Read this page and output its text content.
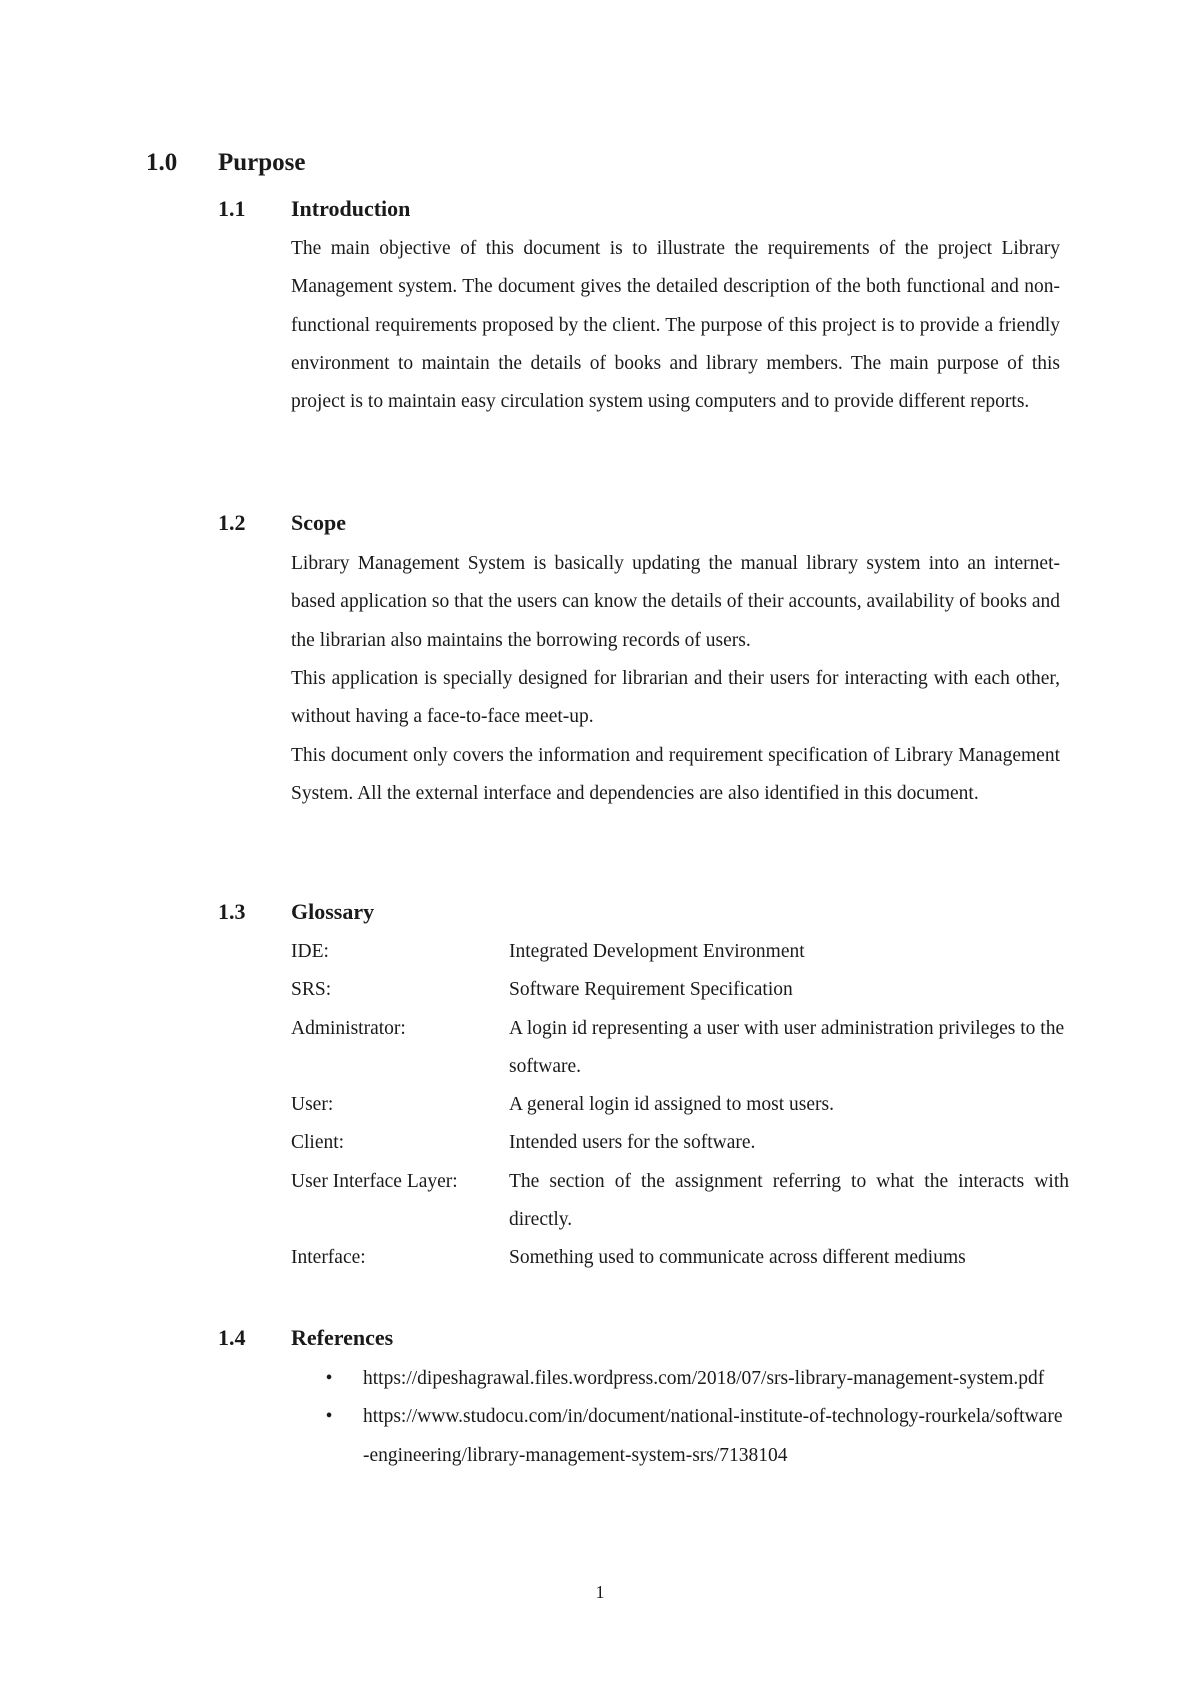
1.0 Purpose
1.1 Introduction

The main objective of this document is to illustrate the requirements of the project Library Management system. The document gives the detailed description of the both functional and non-functional requirements proposed by the client. The purpose of this project is to provide a friendly environment to maintain the details of books and library members. The main purpose of this project is to maintain easy circulation system using computers and to provide different reports.

1.2 Scope

Library Management System is basically updating the manual library system into an internet-based application so that the users can know the details of their accounts, availability of books and the librarian also maintains the borrowing records of users.

This application is specially designed for librarian and their users for interacting with each other, without having a face-to-face meet-up.

This document only covers the information and requirement specification of Library Management System. All the external interface and dependencies are also identified in this document.

1.3 Glossary
IDE:	Integrated Development Environment
SRS:	Software Requirement Specification
Administrator:	A login id representing a user with user administration privileges to the software.
User:	A general login id assigned to most users.
Client:	Intended users for the software.
User Interface Layer:	The section of the assignment referring to what the interacts with directly.
Interface:	Something used to communicate across different mediums
1.4 References
•	https://dipeshagrawal.files.wordpress.com/2018/07/srs-library-management-system.pdf
•	https://www.studocu.com/in/document/national-institute-of-technology-rourkela/software-engineering/library-management-system-srs/7138104
1
